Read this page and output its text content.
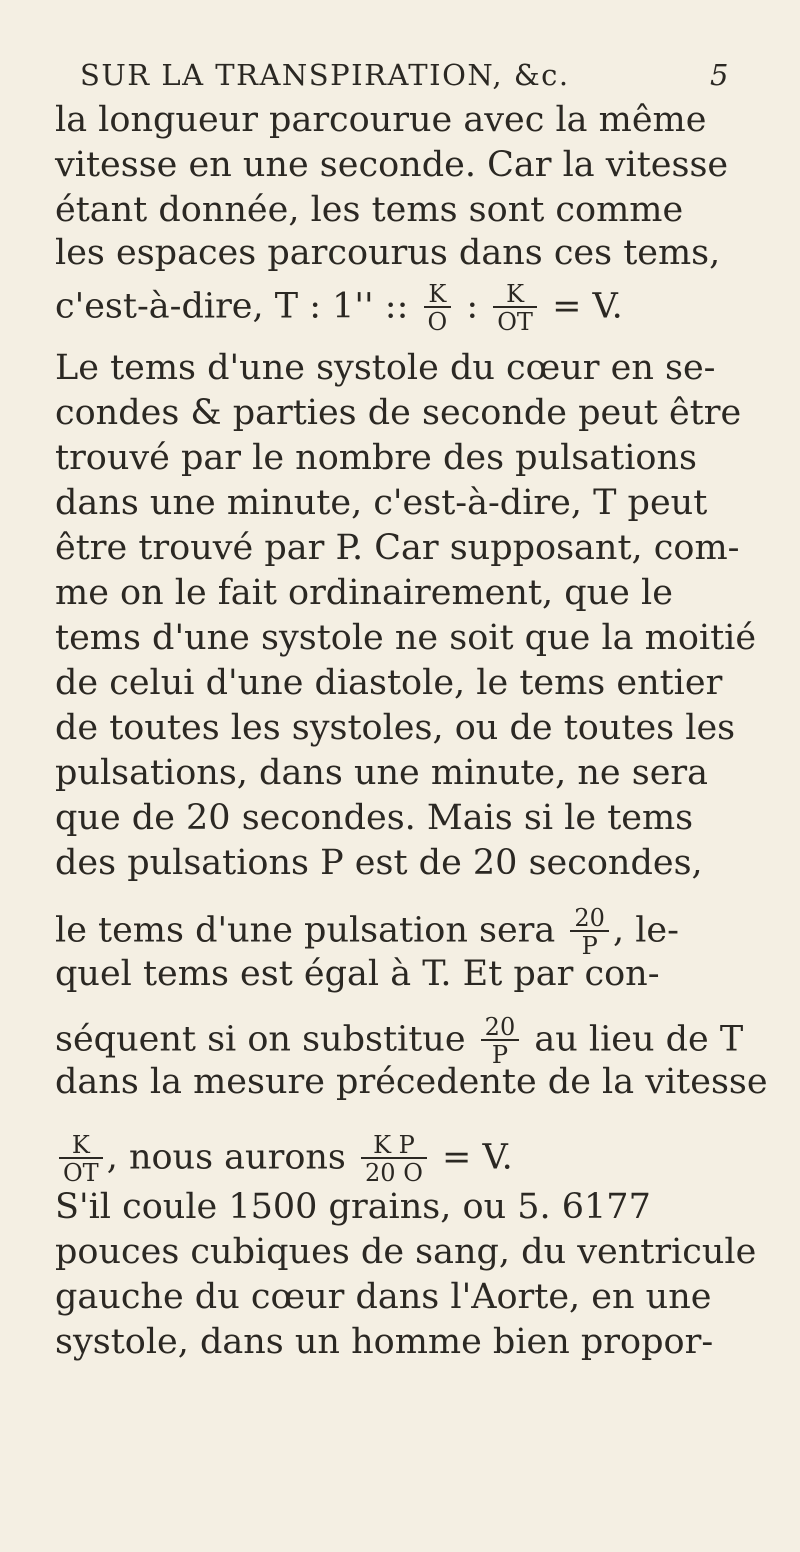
SUR LA TRANSPIRATION, &c.	5
la longueur parcourue avec la même
vitesse en une seconde. Car la vitesse
étant donnée, les tems sont comme
les espaces parcourus dans ces tems,
c'est-à-dire, T : 1'' :: $\frac{K}{O}$ : $\frac{K}{OT} = V$.
Le tems d'une systole du cœur en se-
condes & parties de seconde peut être
trouvé par le nombre des pulsations
dans une minute, c'est-à-dire, T peut
être trouvé par P. Car supposant, com-
me on le fait ordinairement, que le
tems d'une systole ne soit que la moitié
de celui d'une diastole, le tems entier
de toutes les systoles, ou de toutes les
pulsations, dans une minute, ne sera
que de 20 secondes. Mais si le tems
des pulsations P est de 20 secondes,
le tems d'une pulsation sera $\frac{20}{P}$ , le-
quel tems est égal à T. Et par con-
séquent si on substitue $\frac{20}{P}$ au lieu de T
dans la mesure précedente de la vitesse
$\frac{K}{OT}$ , nous aurons $\frac{\text{K P}}{20 O} = V$.
S'il coule 1500 grains, ou 5. 6177
pouces cubiques de sang, du ventricule
gauche du cœur dans l'Aorte, en une
systole, dans un homme bien propor-
